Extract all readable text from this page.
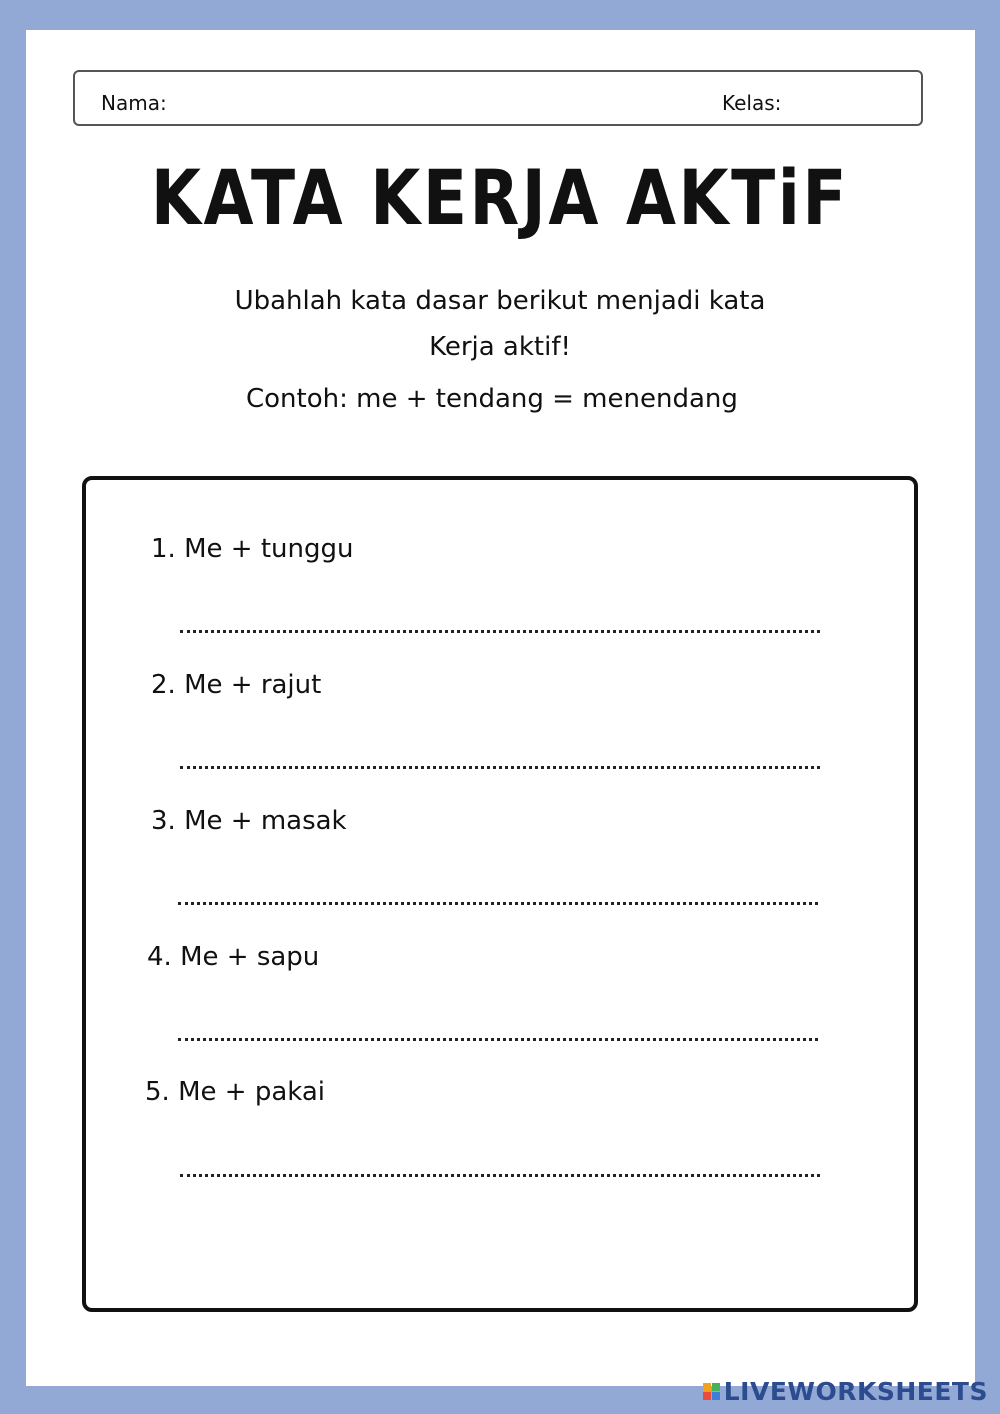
Nama:	Kelas:
KATA KERJA AKTiF
Ubahlah kata dasar berikut menjadi kata
Kerja aktif!
Contoh: me + tendang = menendang
1. Me + tunggu
2. Me + rajut
3. Me + masak
4. Me + sapu
5. Me + pakai
LIVEWORKSHEETS
